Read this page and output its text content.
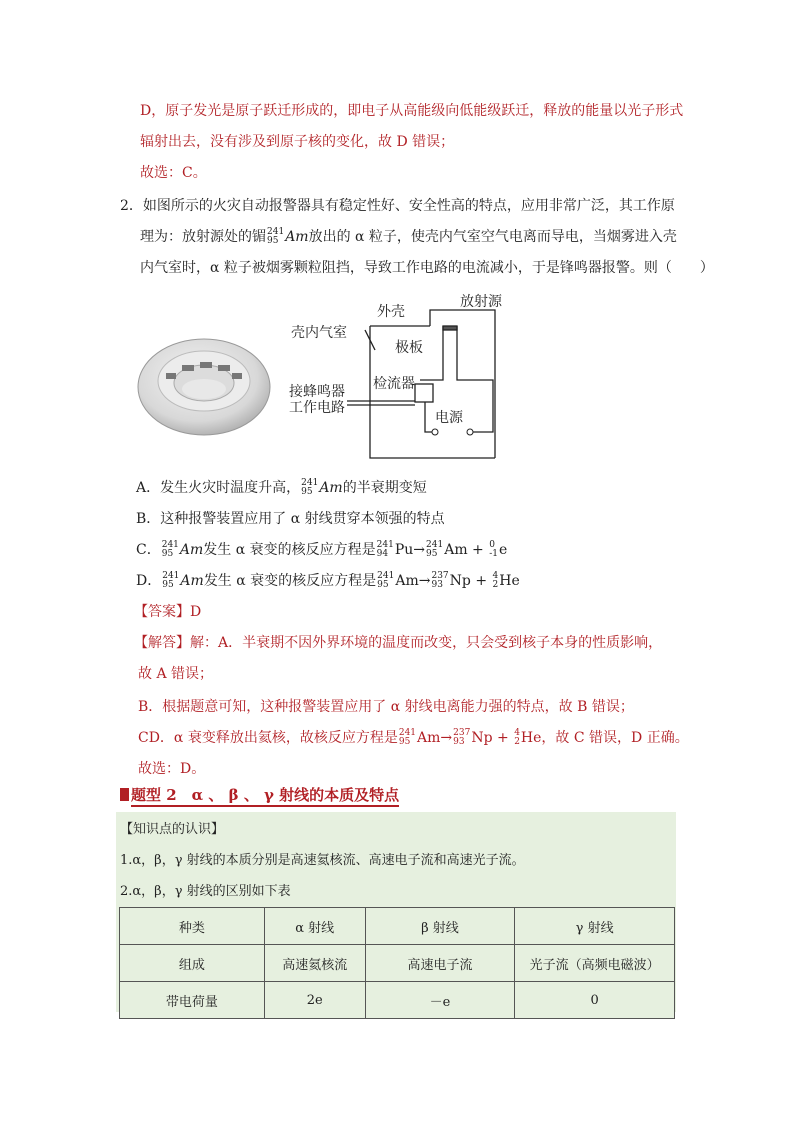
D，原子发光是原子跃迁形成的，即电子从高能级向低能级跃迁，释放的能量以光子形式
辐射出去，没有涉及到原子核的变化，故 D 错误；
故选：C。
2．如图所示的火灾自动报警器具有稳定性好、安全性高的特点，应用非常广泛，其工作原
理为：放射源处的镅 241
95 Am放出的 α 粒子，使壳内气室空气电离而导电，当烟雾进入壳
内气室时，α 粒子被烟雾颗粒阻挡，导致工作电路的电流减小，于是锋鸣器报警。则（　　）
外壳
放射源
壳内气室
极板
接蜂鸣器
工作电路
检流器
电源
A．发生火灾时温度升高， 241
95 Am的半衰期变短
B．这种报警装置应用了 α 射线贯穿本领强的特点
C． 241
95 Am发生 α 衰变的核反应方程是 241
94 Pu→ 241
95 Am + 0
-1 e
D． 241
95 Am发生 α 衰变的核反应方程是 241
95 Am→ 237
93 Np + 4
2 He
【答案】D
【解答】解：A．半衰期不因外界环境的温度而改变，只会受到核子本身的性质影响，
故 A 错误；
B．根据题意可知，这种报警装置应用了 α 射线电离能力强的特点，故 B 错误；
CD．α 衰变释放出氦核，故核反应方程是 241
95 Am→ 237
93 Np + 4
2 He，故 C 错误，D 正确。
故选：D。
题型 2　α 、 β 、 γ 射线的本质及特点
【知识点的认识】
1.α，β，γ 射线的本质分别是高速氦核流、高速电子流和高速光子流。
2.α，β，γ 射线的区别如下表
种类	α 射线	β 射线	γ 射线
组成	高速氦核流	高速电子流	光子流（高频电磁波）
带电荷量	2e	－e	0
